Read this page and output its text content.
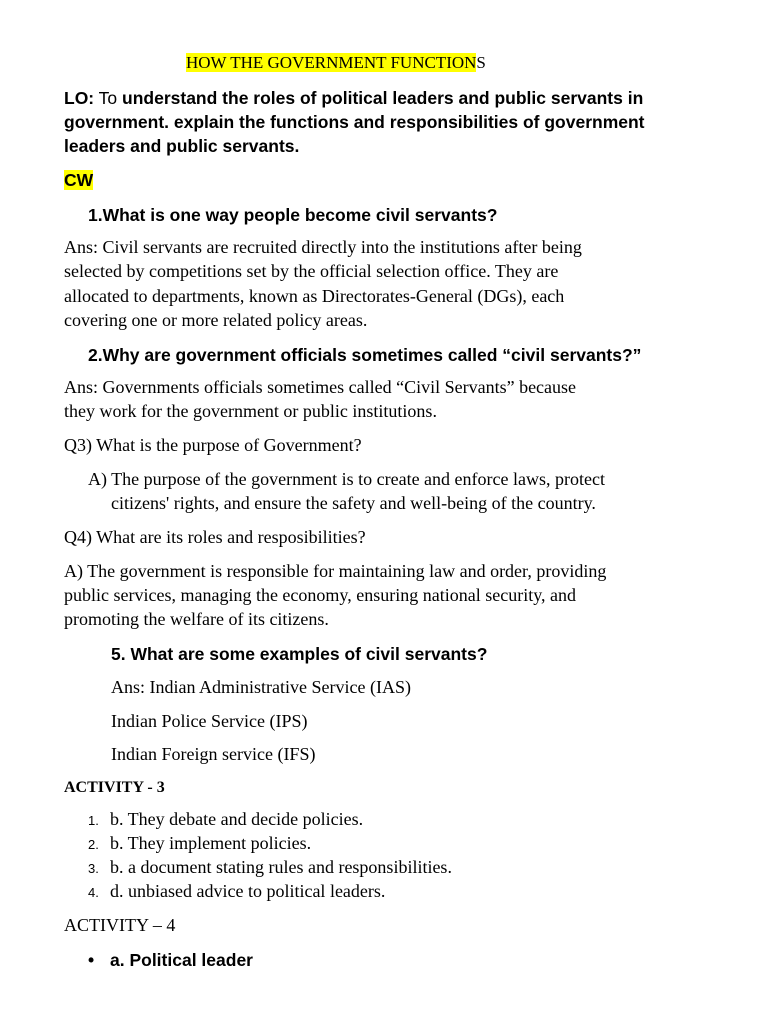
HOW THE GOVERNMENT FUNCTIONS
LO: To understand the roles of political leaders and public servants in
government. explain the functions and responsibilities of government
leaders and public servants.
CW
1.What is one way people become civil servants?
Ans: Civil servants are recruited directly into the institutions after being
selected by competitions set by the official selection office. They are
allocated to departments, known as Directorates-General (DGs), each
covering one or more related policy areas.
2.Why are government officials sometimes called “civil servants?”
Ans: Governments officials sometimes called “Civil Servants” because
they work for the government or public institutions.
Q3) What is the purpose of Government?
A) The purpose of the government is to create and enforce laws, protect
citizens' rights, and ensure the safety and well-being of the country.
Q4) What are its roles and resposibilities?
A) The government is responsible for maintaining law and order, providing
public services, managing the economy, ensuring national security, and
promoting the welfare of its citizens.
5. What are some examples of civil servants?
Ans: Indian Administrative Service (IAS)
Indian Police Service (IPS)
Indian Foreign service (IFS)
ACTIVITY - 3
1. b. They debate and decide policies.
2. b. They implement policies.
3. b. a document stating rules and responsibilities.
4. d. unbiased advice to political leaders.
ACTIVITY – 4
• a. Political leader
